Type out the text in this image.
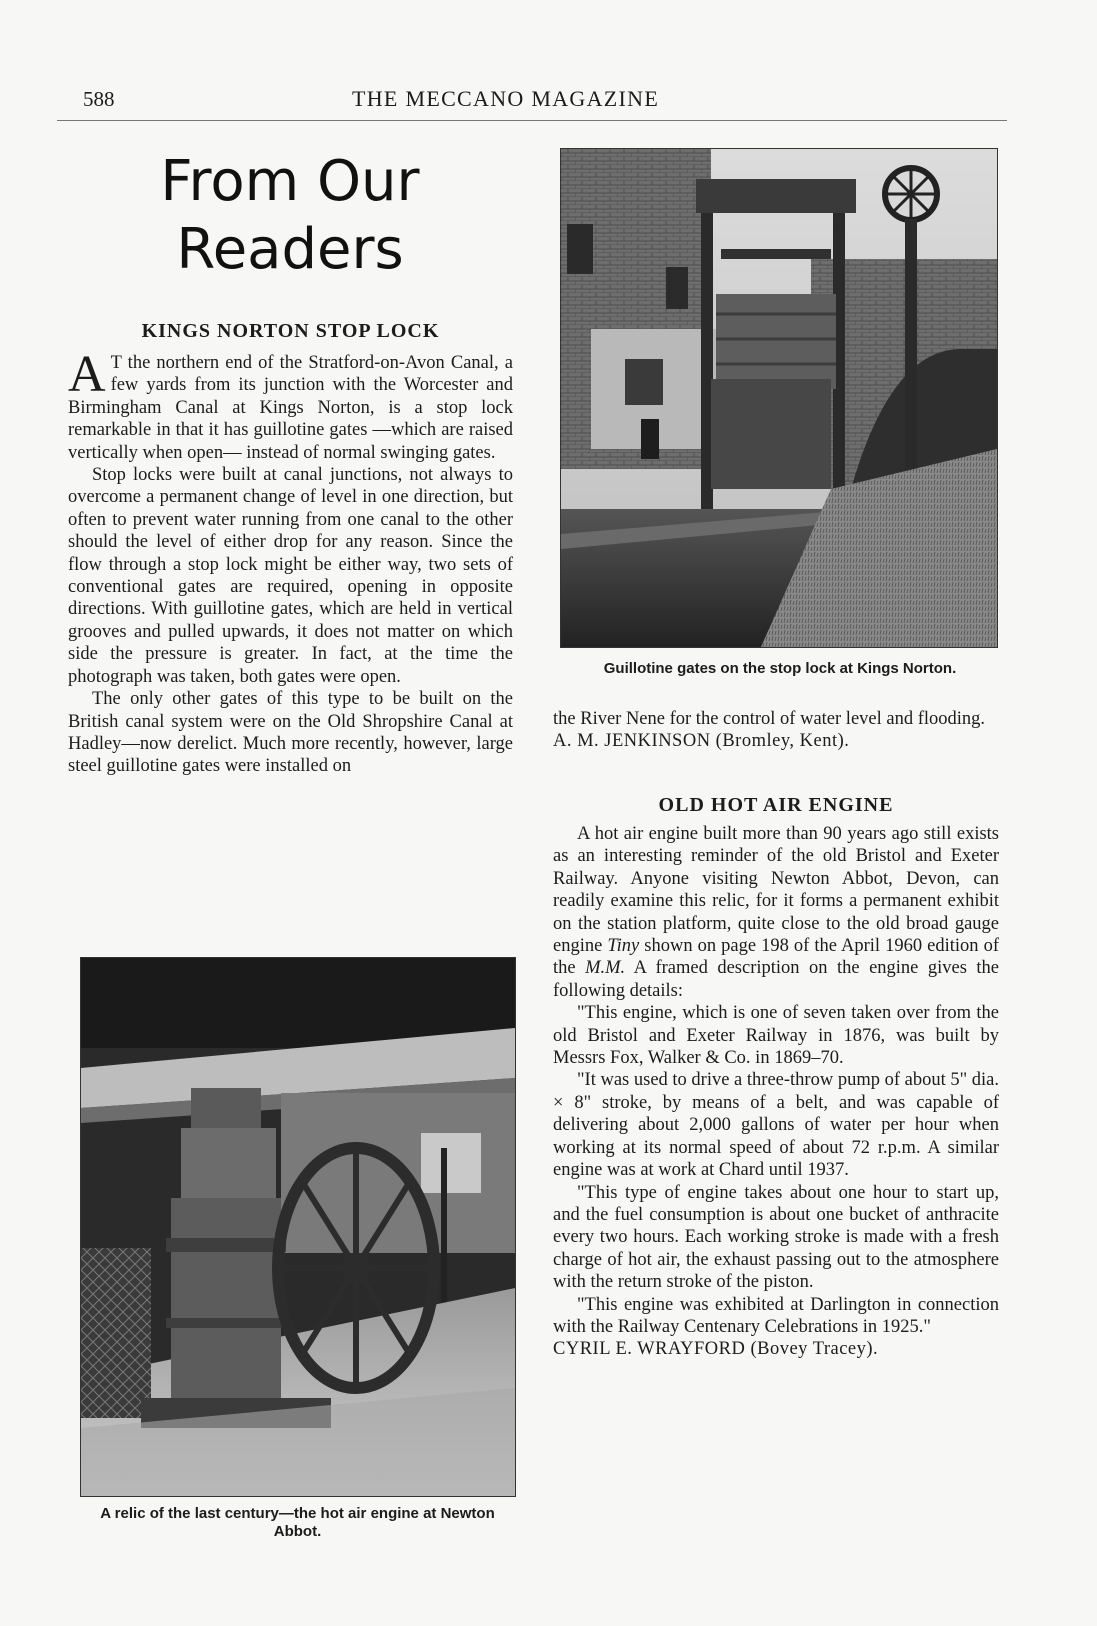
588	THE MECCANO MAGAZINE
From Our Readers
KINGS NORTON STOP LOCK

A T the northern end of the Stratford-on-Avon Canal, a few yards from its junction with the Worcester and Birmingham Canal at Kings Norton, is a stop lock remarkable in that it has guillotine gates —which are raised vertically when open— instead of normal swinging gates.

Stop locks were built at canal junctions, not always to overcome a permanent change of level in one direction, but often to prevent water running from one canal to the other should the level of either drop for any reason. Since the flow through a stop lock might be either way, two sets of conventional gates are required, opening in opposite directions. With guillotine gates, which are held in vertical grooves and pulled upwards, it does not matter on which side the pressure is greater. In fact, at the time the photograph was taken, both gates were open.

The only other gates of this type to be built on the British canal system were on the Old Shropshire Canal at Hadley—now derelict. Much more recently, however, large steel guillotine gates were installed on

Guillotine gates on the stop lock at Kings Norton.
A relic of the last century—the hot air engine at Newton Abbot.

the River Nene for the control of water level and flooding.

A. M. JENKINSON (Bromley, Kent).

OLD HOT AIR ENGINE

A hot air engine built more than 90 years ago still exists as an interesting reminder of the old Bristol and Exeter Railway. Anyone visiting Newton Abbot, Devon, can readily examine this relic, for it forms a permanent exhibit on the station platform, quite close to the old broad gauge engine Tiny shown on page 198 of the April 1960 edition of the M.M. A framed description on the engine gives the following details:

"This engine, which is one of seven taken over from the old Bristol and Exeter Railway in 1876, was built by Messrs Fox, Walker & Co. in 1869–70.

"It was used to drive a three-throw pump of about 5" dia. × 8" stroke, by means of a belt, and was capable of delivering about 2,000 gallons of water per hour when working at its normal speed of about 72 r.p.m. A similar engine was at work at Chard until 1937.

"This type of engine takes about one hour to start up, and the fuel consumption is about one bucket of anthracite every two hours. Each working stroke is made with a fresh charge of hot air, the exhaust passing out to the atmosphere with the return stroke of the piston.

"This engine was exhibited at Darlington in connection with the Railway Centenary Celebrations in 1925."

CYRIL E. WRAYFORD (Bovey Tracey).
